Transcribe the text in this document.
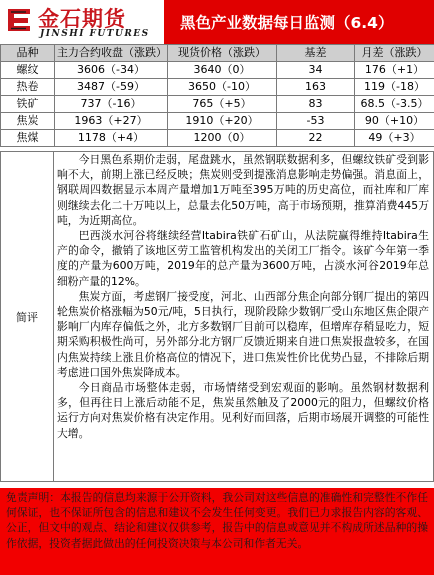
金石期货
JINSHI FUTURES
黑色产业数据每日监测（6.4）
品种	主力合约收盘（涨跌）	现货价格（涨跌）	基差	月差（涨跌）
螺纹	3606（-34）	3640（0）	34	176（+1）
热卷	3487（-59）	3650（-10）	163	119（-18）
铁矿	737（-16）	765（+5）	83	68.5（-3.5）
焦炭	1963（+27）	1910（+20）	-53	90（+10）
焦煤	1178（+4）	1200（0）	22	49（+3）
简评

今日黑色系期价走弱，尾盘跳水，虽然钢联数据利多，但螺纹铁矿受到影响不大，前期上涨已经反映；焦炭则受到提涨消息影响走势偏强。消息面上，钢联周四数据显示本周产量增加1万吨至395万吨的历史高位，而社库和厂库则继续去化二十万吨以上，总量去化50万吨，高于市场预期，推算消费445万吨，为近期高位。

巴西淡水河谷将继续经营Itabira铁矿石矿山，从法院赢得维持Itabira生产的命令，撤销了该地区劳工监管机构发出的关闭工厂指令。该矿今年第一季度的产量为600万吨，2019年的总产量为3600万吨，占淡水河谷2019年总细粉产量的12%。

焦炭方面，考虑钢厂接受度，河北、山西部分焦企向部分钢厂提出的第四轮焦炭价格涨幅为50元/吨，5日执行，现阶段除少数钢厂受山东地区焦企限产影响厂内库存偏低之外，北方多数钢厂目前可以稳库，但增库存稍显吃力，短期采购积极性尚可，另外部分北方钢厂反馈近期来自进口焦炭报盘较多，在国内焦炭持续上涨且价格高位的情况下，进口焦炭性价比优势凸显，不排除后期考虑进口国外焦炭降成本。

今日商品市场整体走弱，市场情绪受到宏观面的影响。虽然钢材数据利多，但再往日上涨后动能不足，焦炭虽然触及了2000元的阻力，但螺纹价格运行方向对焦炭价格有决定作用。见利好而回落，后期市场展开调整的可能性大增。

免责声明：本报告的信息均来源于公开资料，我公司对这些信息的准确性和完整性不作任何保证，也不保证所包含的信息和建议不会发生任何变更。我们已力求报告内容的客观、公正，但文中的观点、结论和建议仅供参考，报告中的信息或意见并不构成所述品种的操作依据，投资者据此做出的任何投资决策与本公司和作者无关。
